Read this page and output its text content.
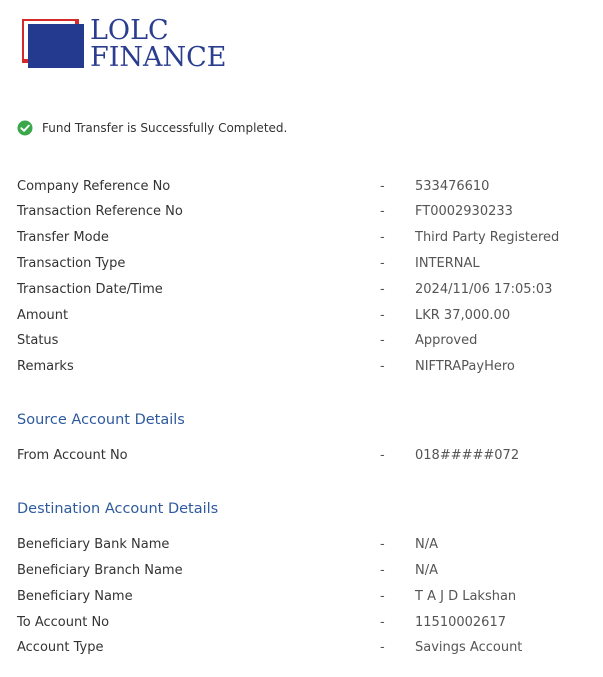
LOLC
FINANCE
Fund Transfer is Successfully Completed.
Company Reference No	- 533476610
Transaction Reference No	- FT0002930233
Transfer Mode	- Third Party Registered
Transaction Type	- INTERNAL
Transaction Date/Time	- 2024/11/06 17:05:03
Amount	- LKR 37,000.00
Status	- Approved
Remarks	- NIFTRAPayHero
Source Account Details
From Account No	- 018#####072
Destination Account Details
Beneficiary Bank Name	- N/A
Beneficiary Branch Name	- N/A
Beneficiary Name	- T A J D Lakshan
To Account No	- 11510002617
Account Type	- Savings Account
